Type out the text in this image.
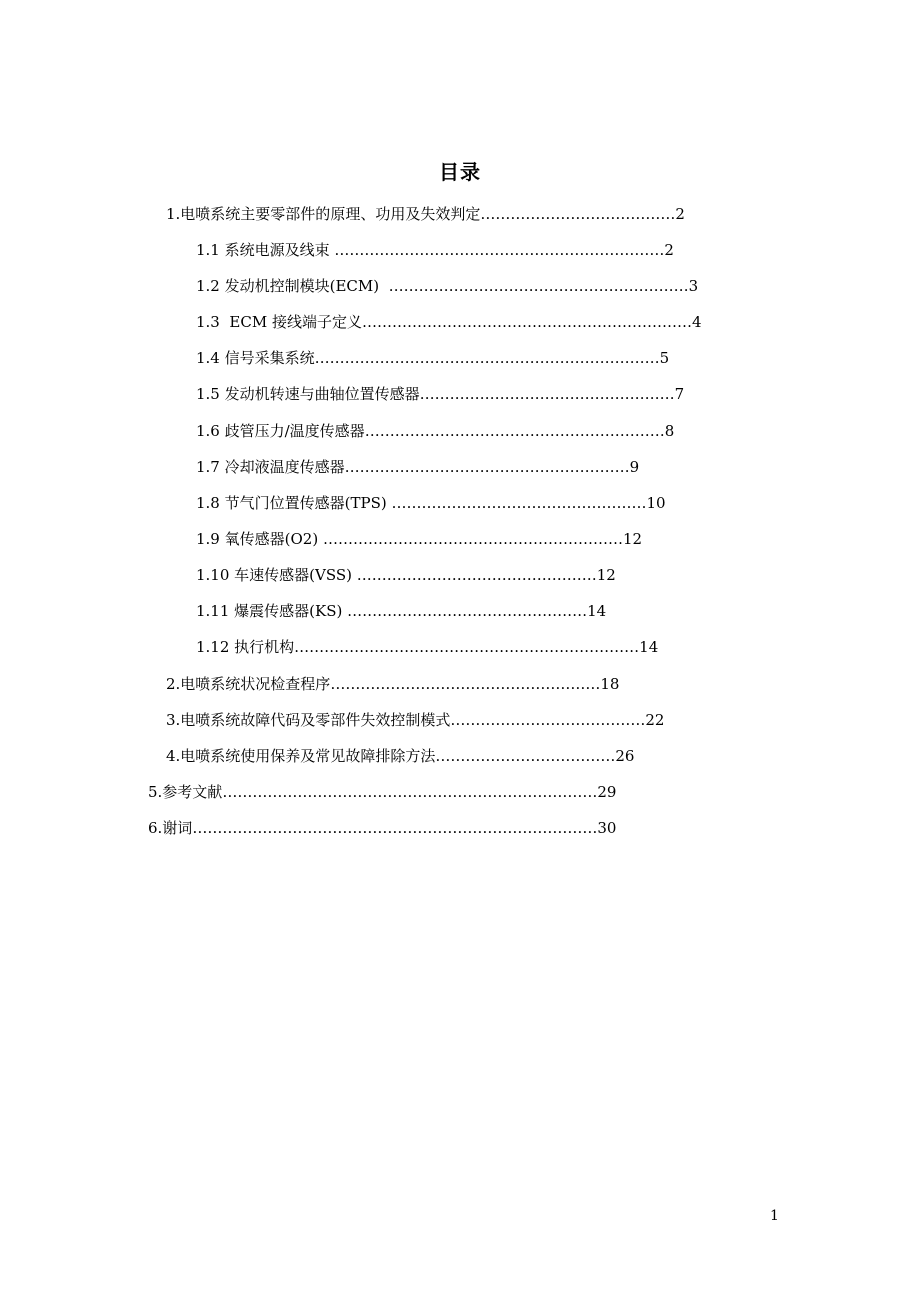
目录
1.电喷系统主要零部件的原理、功用及失效判定…………………………………2
1.1 系统电源及线束 …………………………………………………………2
1.2 发动机控制模块(ECM)  ……………………………………………………3
1.3  ECM 接线端子定义…………………………………………………………4
1.4 信号采集系统……………………………………………………………5
1.5 发动机转速与曲轴位置传感器……………………………………………7
1.6 歧管压力/温度传感器……………………………………………………8
1.7 冷却液温度传感器…………………………………………………9
1.8 节气门位置传感器(TPS) ……………………………………………10
1.9 氧传感器(O2) ……………………………………………………12
1.10 车速传感器(VSS) …………………………………………12
1.11 爆震传感器(KS) …………………………………………14
1.12 执行机构……………………………………………………………14
2.电喷系统状况检查程序………………………………………………18
3.电喷系统故障代码及零部件失效控制模式…………………………………22
4.电喷系统使用保养及常见故障排除方法………………………………26
5.参考文献…………………………………………………………………29
6.谢词………………………………………………………………………30
1
